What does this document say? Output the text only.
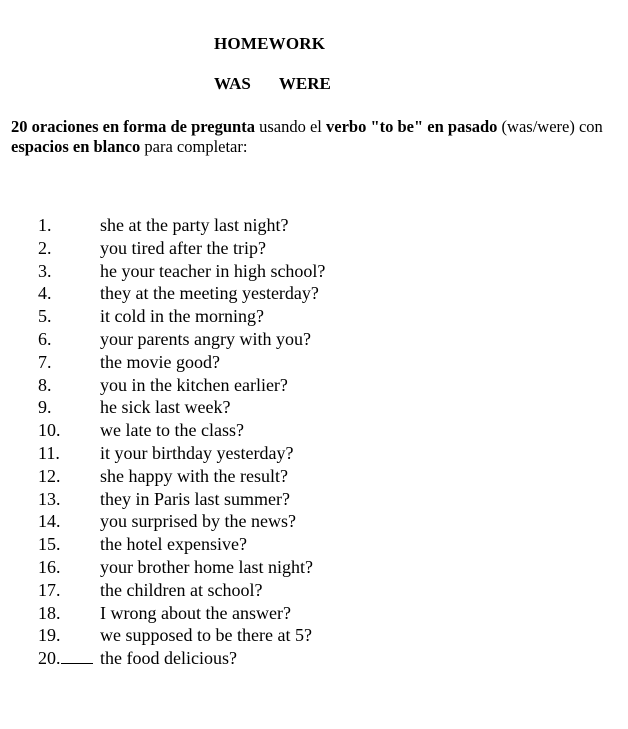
HOMEWORK
WAS WERE
20 oraciones en forma de pregunta usando el verbo "to be" en pasado (was/were) con espacios en blanco para completar:
1.	she at the party last night?
2.	you tired after the trip?
3.	he your teacher in high school?
4.	they at the meeting yesterday?
5.	it cold in the morning?
6.	your parents angry with you?
7.	the movie good?
8.	you in the kitchen earlier?
9.	he sick last week?
10. we late to the class?
11. it your birthday yesterday?
12. she happy with the result?
13. they in Paris last summer?
14. you surprised by the news?
15. the hotel expensive?
16. your brother home last night?
17. the children at school?
18. I wrong about the answer?
19. we supposed to be there at 5?
20.	the food delicious?
